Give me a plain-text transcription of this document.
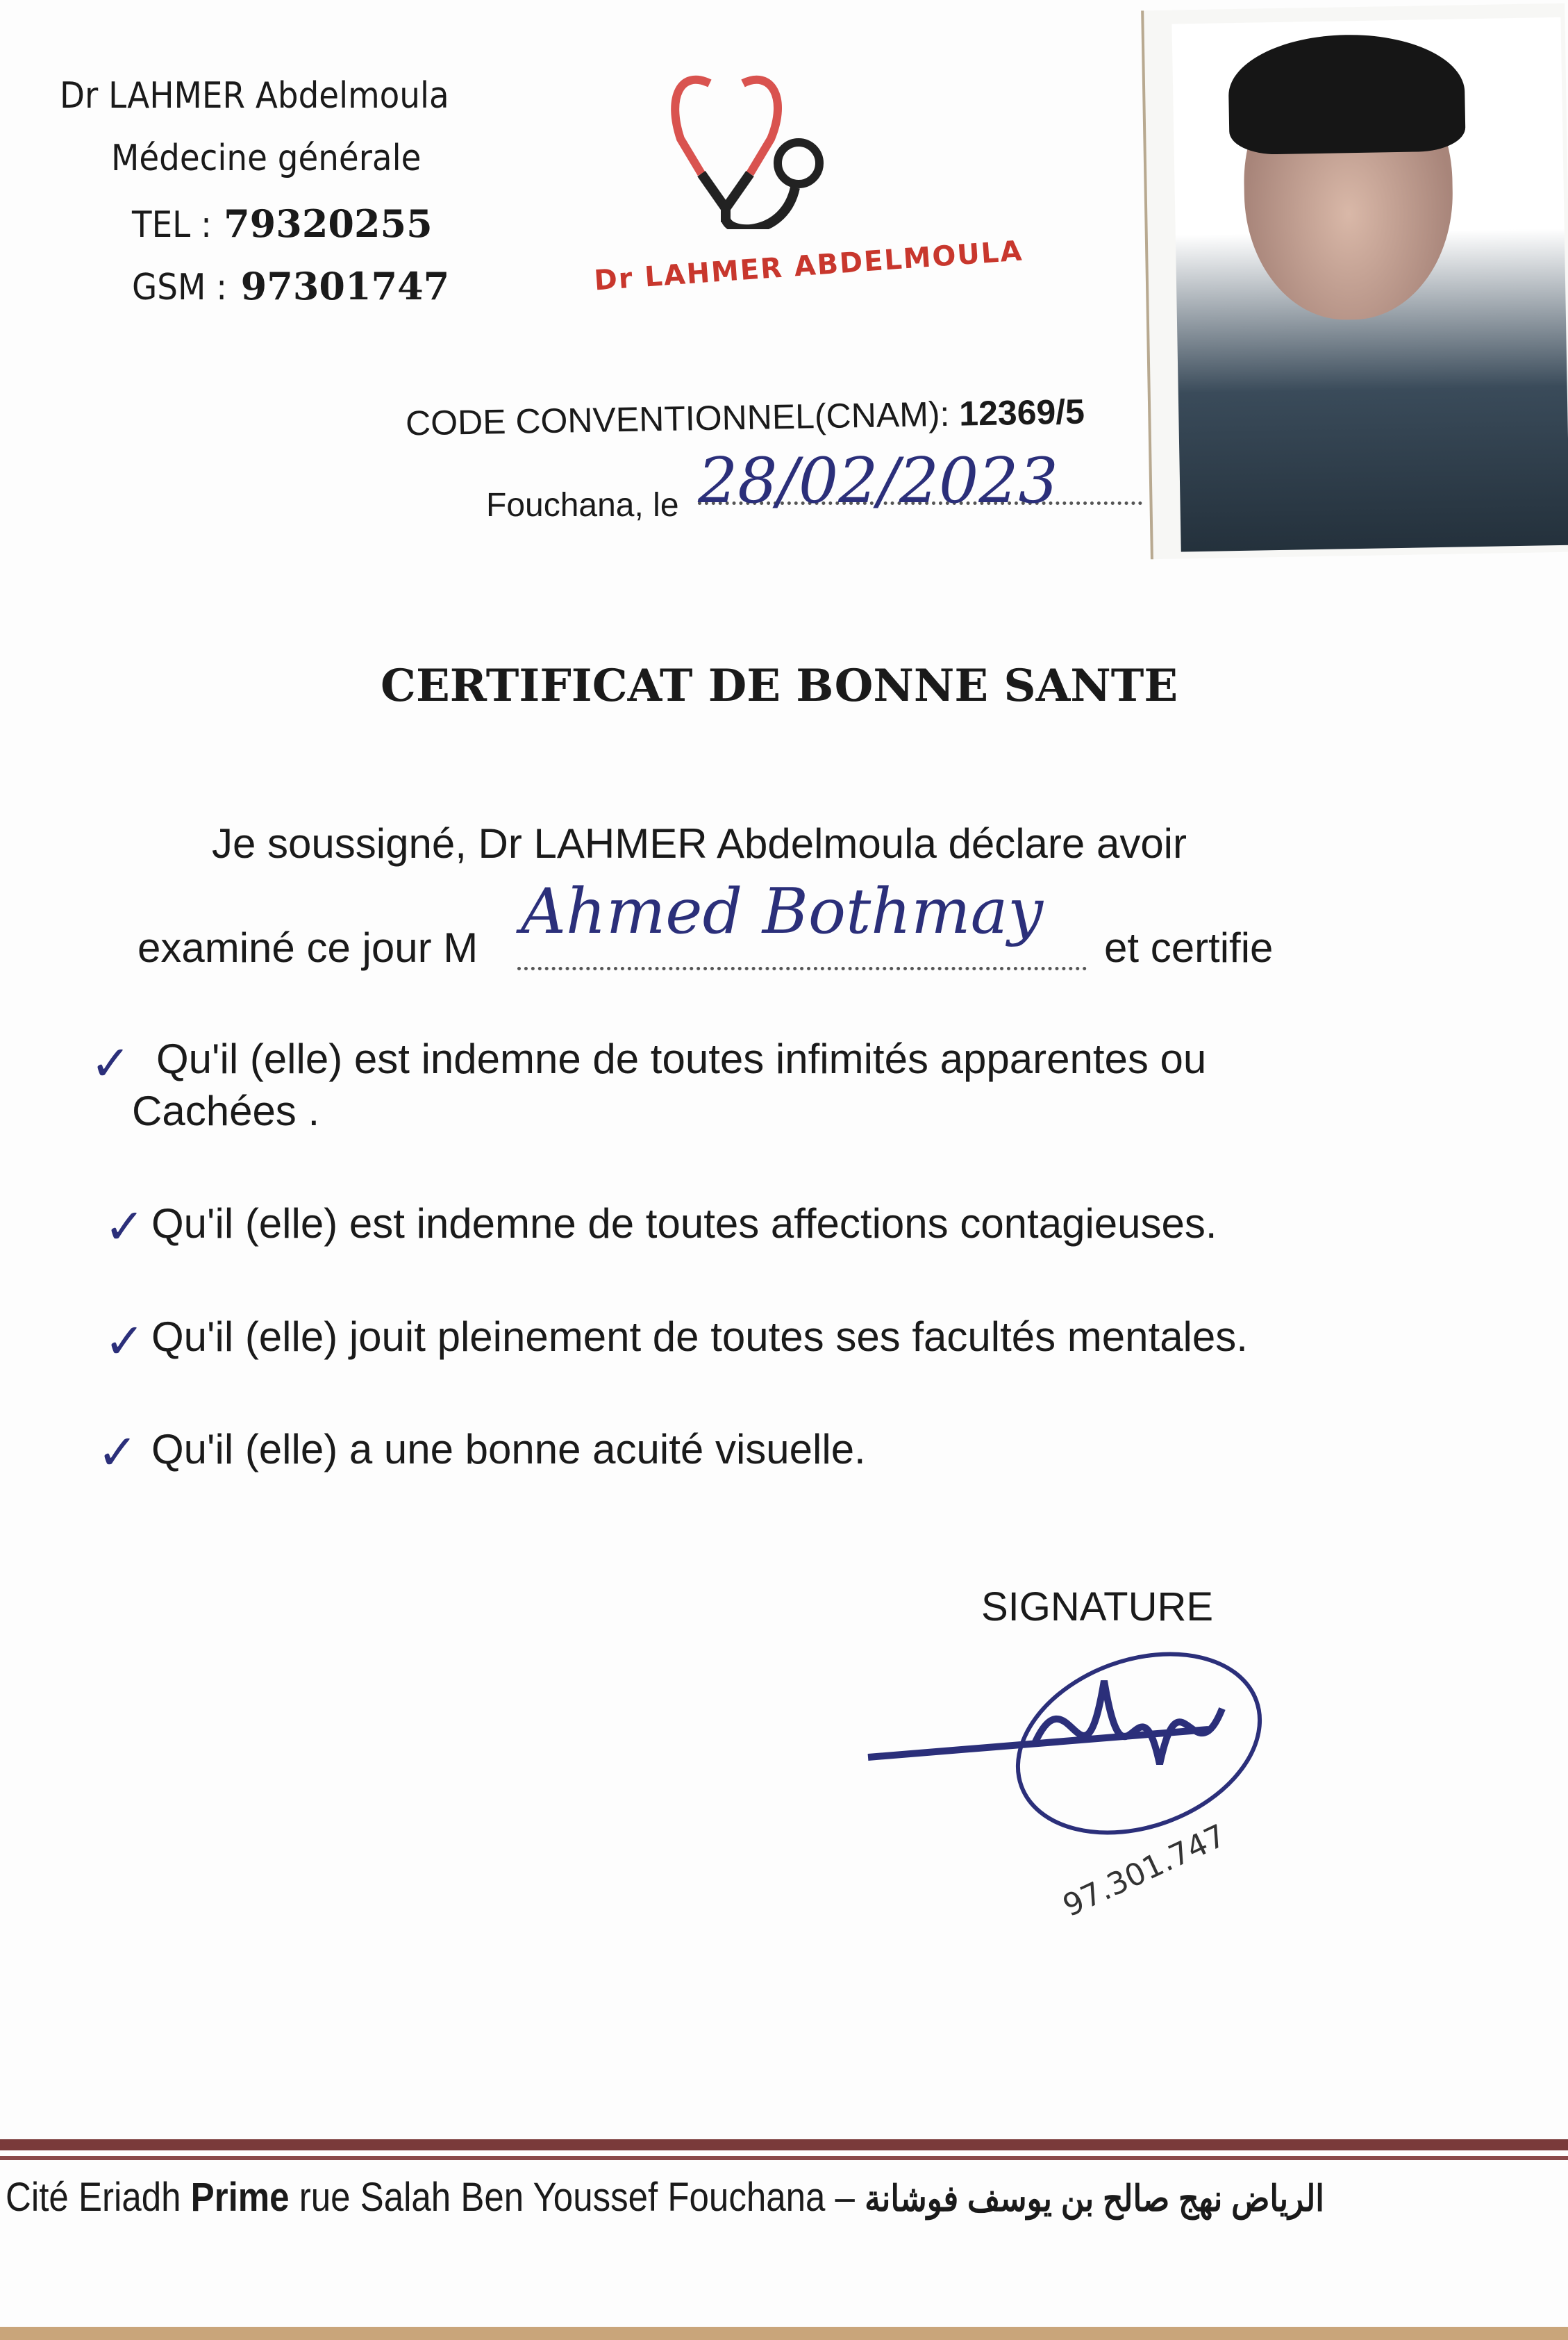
Dr LAHMER Abdelmoula
Médecine générale
TEL : 79320255
GSM : 97301747	Dr LAHMER ABDELMOULA
CODE CONVENTIONNEL(CNAM): 12369/5
Fouchana, le 28/02/2023
CERTIFICAT DE BONNE SANTE
Je soussigné, Dr LAHMER Abdelmoula déclare avoir
examiné ce jour M Ahmed Bothmay et certifie
✓ Qu'il (elle) est indemne de toutes infimités apparentes ou
Cachées .
✓ Qu'il (elle) est indemne de toutes affections contagieuses.
✓ Qu'il (elle) jouit pleinement de toutes ses facultés mentales.
✓ Qu'il (elle) a une bonne acuité visuelle.
SIGNATURE
97.301.747
Cité Eriadh Prime rue Salah Ben Youssef Fouchana – الرياض نهج صالح بن يوسف فوشانة
